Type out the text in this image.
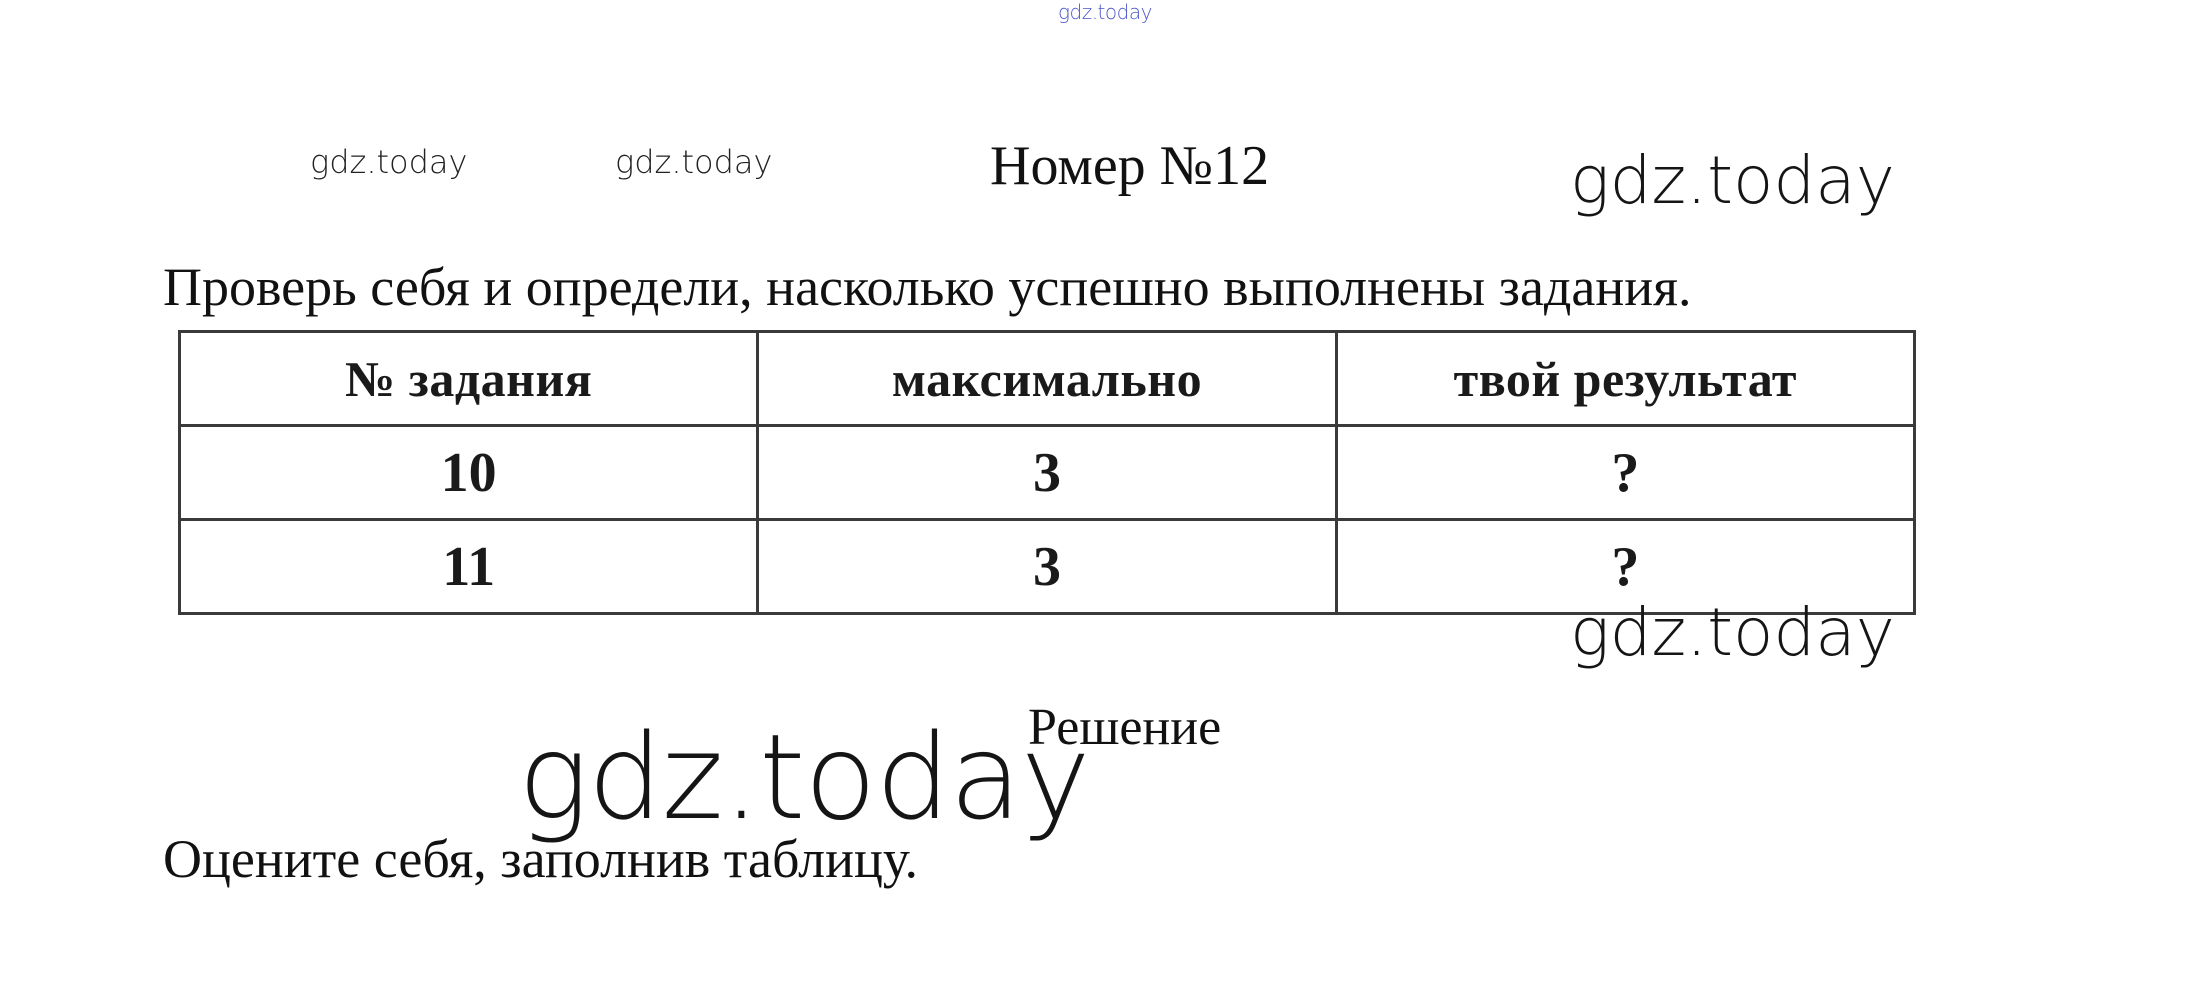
gdz.today
gdz.today	gdz.today	Номер №12	gdz.today
Проверь себя и определи, насколько успешно выполнены задания.
№ задания	максимально	твой результат
10	3	?
11	3	?
gdz.today
Решение
gdz.today
Оцените себя, заполнив таблицу.
